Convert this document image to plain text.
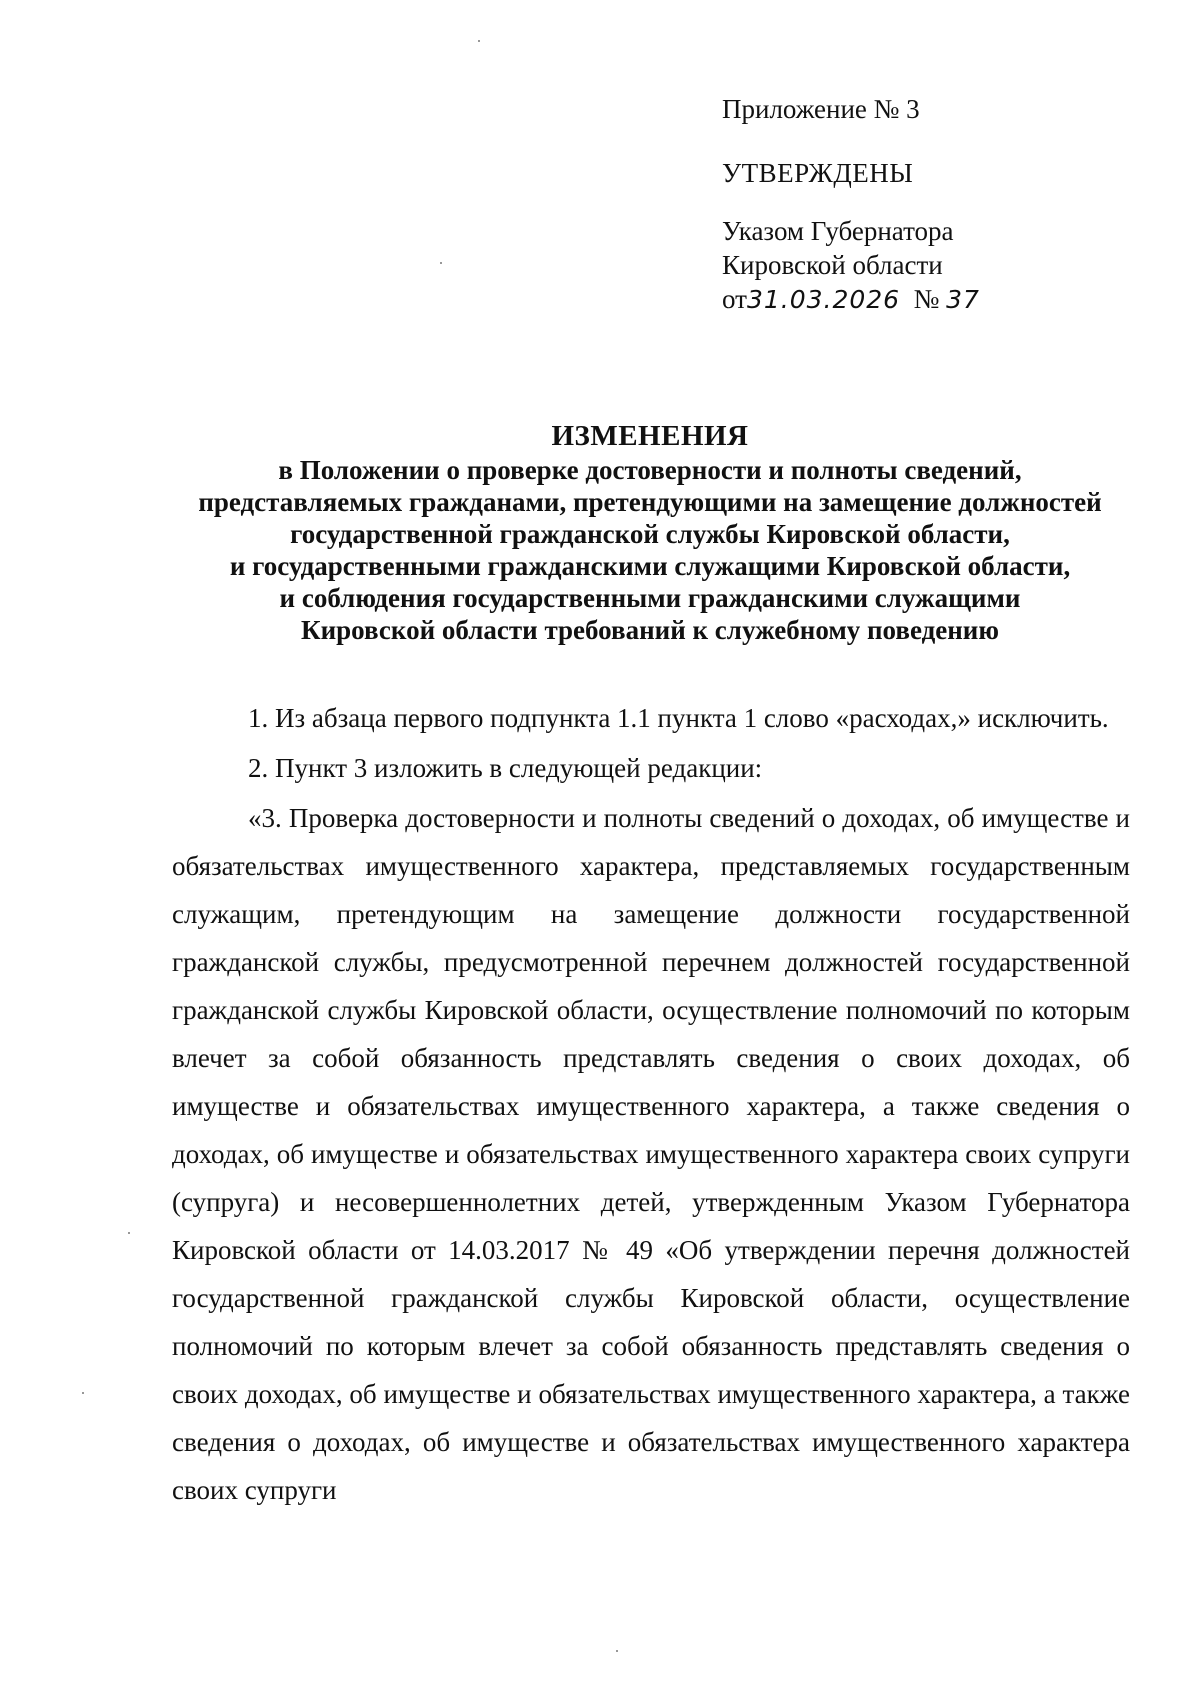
Приложение № 3
УТВЕРЖДЕНЫ
Указом Губернатора
Кировской области
от31.03.2026 № 37
ИЗМЕНЕНИЯ
в Положении о проверке достоверности и полноты сведений,
представляемых гражданами, претендующими на замещение должностей
государственной гражданской службы Кировской области,
и государственными гражданскими служащими Кировской области,
и соблюдения государственными гражданскими служащими
Кировской области требований к служебному поведению

1. Из абзаца первого подпункта 1.1 пункта 1 слово «расходах,» исключить.

2. Пункт 3 изложить в следующей редакции:

«3. Проверка достоверности и полноты сведений о доходах, об имуществе и обязательствах имущественного характера, представляемых государственным служащим, претендующим на замещение должности государственной гражданской службы, предусмотренной перечнем должностей государственной гражданской службы Кировской области, осуществление полномочий по которым влечет за собой обязанность представлять сведения о своих доходах, об имуществе и обязательствах имущественного характера, а также сведения о доходах, об имуществе и обязательствах имущественного характера своих супруги (супруга) и несовершеннолетних детей, утвержденным Указом Губернатора Кировской области от 14.03.2017 № 49 «Об утверждении перечня должностей государственной гражданской службы Кировской области, осуществление полномочий по которым влечет за собой обязанность представлять сведения о своих доходах, об имуществе и обязательствах имущественного характера, а также сведения о доходах, об имуществе и обязательствах имущественного характера своих супруги
